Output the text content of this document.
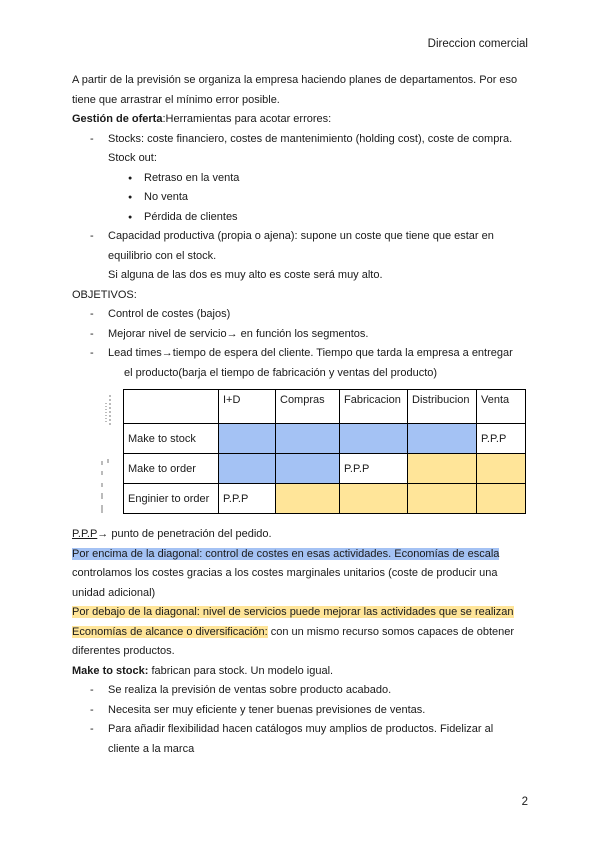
Direccion comercial

A partir de la previsión se organiza la empresa haciendo planes de departamentos. Por eso

tiene que arrastrar el mínimo error posible.

Gestión de oferta:Herramientas para acotar errores:

- Stocks: coste financiero, costes de mantenimiento (holding cost), coste de compra.
Stock out:
● Retraso en la venta
● No venta
● Pérdida de clientes
- Capacidad productiva (propia o ajena): supone un coste que tiene que estar en
equilibrio con el stock.
Si alguna de las dos es muy alto es coste será muy alto.

OBJETIVOS:

- Control de costes (bajos)
- Mejorar nivel de servicio→ en función los segmentos.
- Lead times→tiempo de espera del cliente. Tiempo que tarda la empresa a entregar
el producto(barja el tiempo de fabricación y ventas del producto)
	I+D	Compras	Fabricacion	Distribucion	Venta
Make to stock					P.P.P
Make to order			P.P.P		
Enginier to order	P.P.P				

P.P.P→ punto de penetración del pedido.

Por encima de la diagonal: control de costes en esas actividades. Economías de escala

controlamos los costes gracias a los costes marginales unitarios (coste de producir una

unidad adicional)

Por debajo de la diagonal: nivel de servicios puede mejorar las actividades que se realizan

Economías de alcance o diversificación: con un mismo recurso somos capaces de obtener

diferentes productos.

Make to stock: fabrican para stock. Un modelo igual.

- Se realiza la previsión de ventas sobre producto acabado.
- Necesita ser muy eficiente y tener buenas previsiones de ventas.
- Para añadir flexibilidad hacen catálogos muy amplios de productos. Fidelizar al
cliente a la marca
2
